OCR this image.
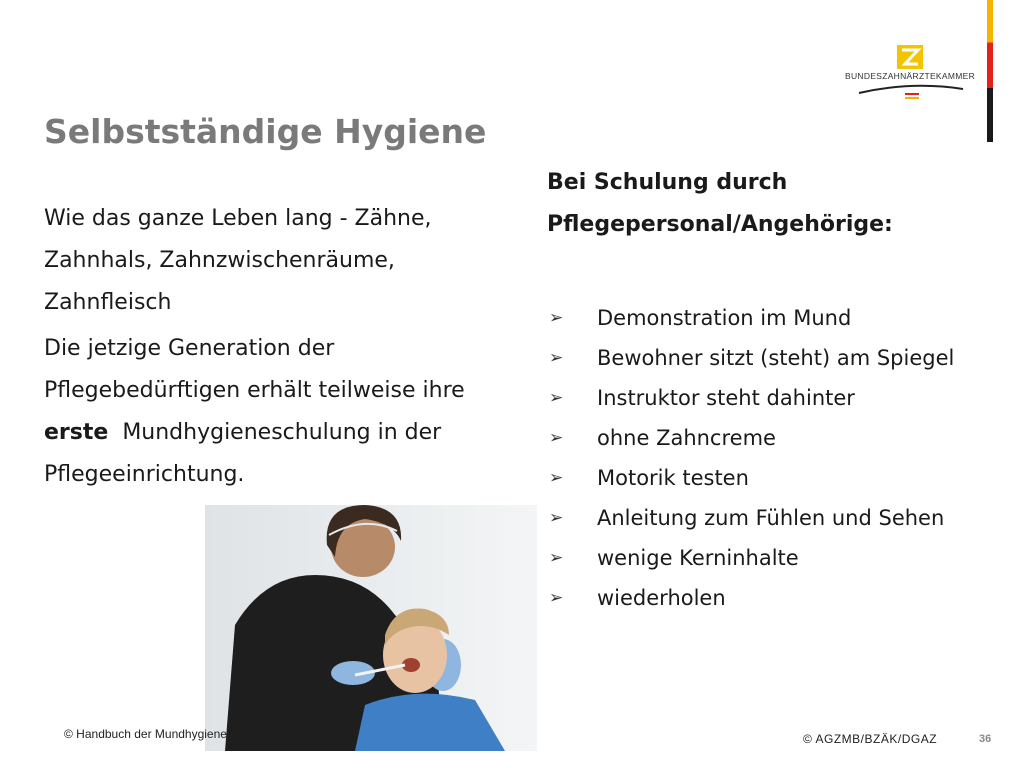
BUNDESZAHNÄRZTEKAMMER
Selbstständige Hygiene

Wie das ganze Leben lang - Zähne, Zahnhals, Zahnzwischenräume, Zahnfleisch

Die jetzige Generation der Pflegebedürftigen erhält teilweise ihre  erste Mundhygieneschulung in der Pflegeeinrichtung.

Bei Schulung durch
Pflegepersonal/Angehörige:
➢ Demonstration im Mund
➢ Bewohner sitzt (steht) am Spiegel
➢ Instruktor steht dahinter
➢ ohne Zahncreme
➢ Motorik testen
➢ Anleitung zum Fühlen und Sehen
➢ wenige Kerninhalte
➢ wiederholen
© Handbuch der Mundhygiene	© AGZMB/BZÄK/DGAZ	36
